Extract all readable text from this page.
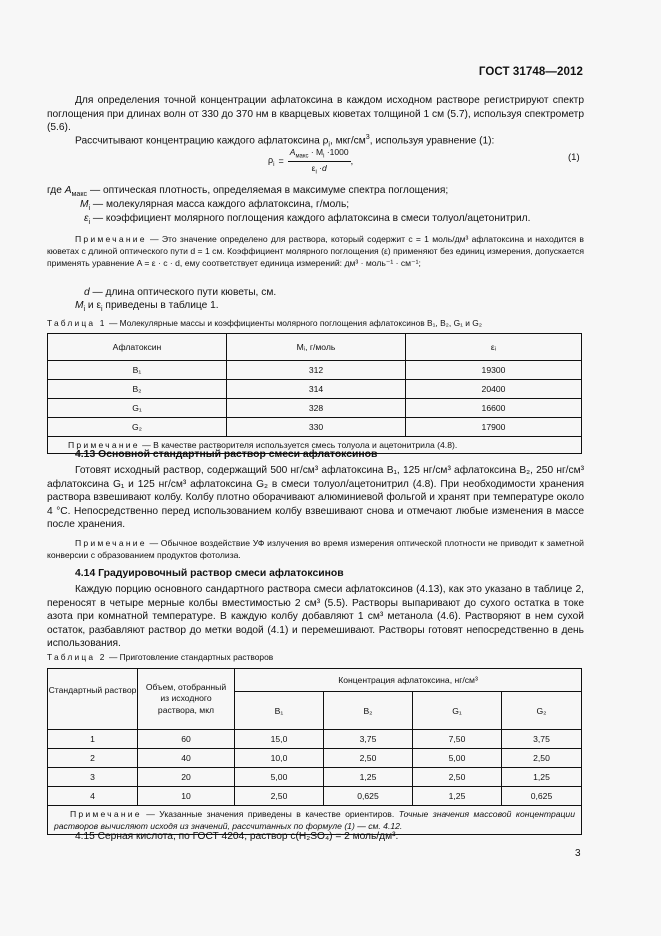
ГОСТ 31748—2012
Для определения точной концентрации афлатоксина в каждом исходном растворе регистрируют спектр поглощения при длинах волн от 330 до 370 нм в кварцевых кюветах толщиной 1 см (5.7), используя спектрометр (5.6).
Рассчитывают концентрацию каждого афлатоксина $\rho_i$, мкг/$см^3$, используя уравнение (1):
$\rho_i = \frac{A_{макс} \cdot M_i \cdot 1000}{\varepsilon_i \cdot d}$ ,	(1)
где $A_{макс}$ — оптическая плотность, определяемая в максимуме спектра поглощения;
$M_i$ — молекулярная масса каждого афлатоксина, г/моль;
$\varepsilon_i$ — коэффициент молярного поглощения каждого афлатоксина в смеси толуол/ацетонитрил.
Примечание — Это значение определено для раствора, который содержит c = 1 моль/дм³ афлатоксина и находится в кюветах с длиной оптического пути d = 1 см. Коэффициент молярного поглощения (ε) применяют без единиц измерения, допускается применять уравнение A = ε · c · d, ему соответствует единица измерений: дм³ · моль⁻¹ · см⁻¹;
d — длина оптического пути кюветы, см.
$M_i$ и $\varepsilon_i$ приведены в таблице 1.
Таблица 1 — Молекулярные массы и коэффициенты молярного поглощения афлатоксинов B₁, B₂, G₁ и G₂
Афлатоксин	Mᵢ, г/моль	εᵢ
B₁	312	19300
B₂	314	20400
G₁	328	16600
G₂	330	17900
Примечание — В качестве растворителя используется смесь толуола и ацетонитрила (4.8).		
4.13 Основной стандартный раствор смеси афлатоксинов
Готовят исходный раствор, содержащий 500 нг/см³ афлатоксина B₁, 125 нг/см³ афлатоксина B₂, 250 нг/см³ афлатоксина G₁ и 125 нг/см³ афлатоксина G₂ в смеси толуол/ацетонитрил (4.8). При необходимости хранения раствора взвешивают колбу. Колбу плотно оборачивают алюминиевой фольгой и хранят при температуре около 4 °С. Непосредственно перед использованием колбу взвешивают снова и отмечают любые изменения в массе после хранения.
Примечание — Обычное воздействие УФ излучения во время измерения оптической плотности не приводит к заметной конверсии с образованием продуктов фотолиза.
4.14 Градуировочный раствор смеси афлатоксинов
Каждую порцию основного сандартного раствора смеси афлатоксинов (4.13), как это указано в таблице 2, переносят в четыре мерные колбы вместимостью 2 см³ (5.5). Растворы выпаривают до сухого остатка в токе азота при комнатной температуре. В каждую колбу добавляют 1 см³ метанола (4.6). Растворяют в нем сухой остаток, разбавляют раствор до метки водой (4.1) и перемешивают. Растворы готовят непосредственно в день использования.
Таблица 2 — Приготовление стандартных растворов
Стандартный раствор	Объем, отобранный из исходного раствора, мкл	Концентрация афлатоксина, нг/см³			
		B₁	B₂	G₁	G₂
1	60	15,0	3,75	7,50	3,75
2	40	10,0	2,50	5,00	2,50
3	20	5,00	1,25	2,50	1,25
4	10	2,50	0,625	1,25	0,625
Примечание — Указанные значения приведены в качестве ориентиров. Точные значения массовой концентрации растворов вычисляют исходя из значений, рассчитанных по формуле (1) — см. 4.12.					
4.15 Серная кислота, по ГОСТ 4204, раствор c(H₂SO₄) = 2 моль/дм³.
3
